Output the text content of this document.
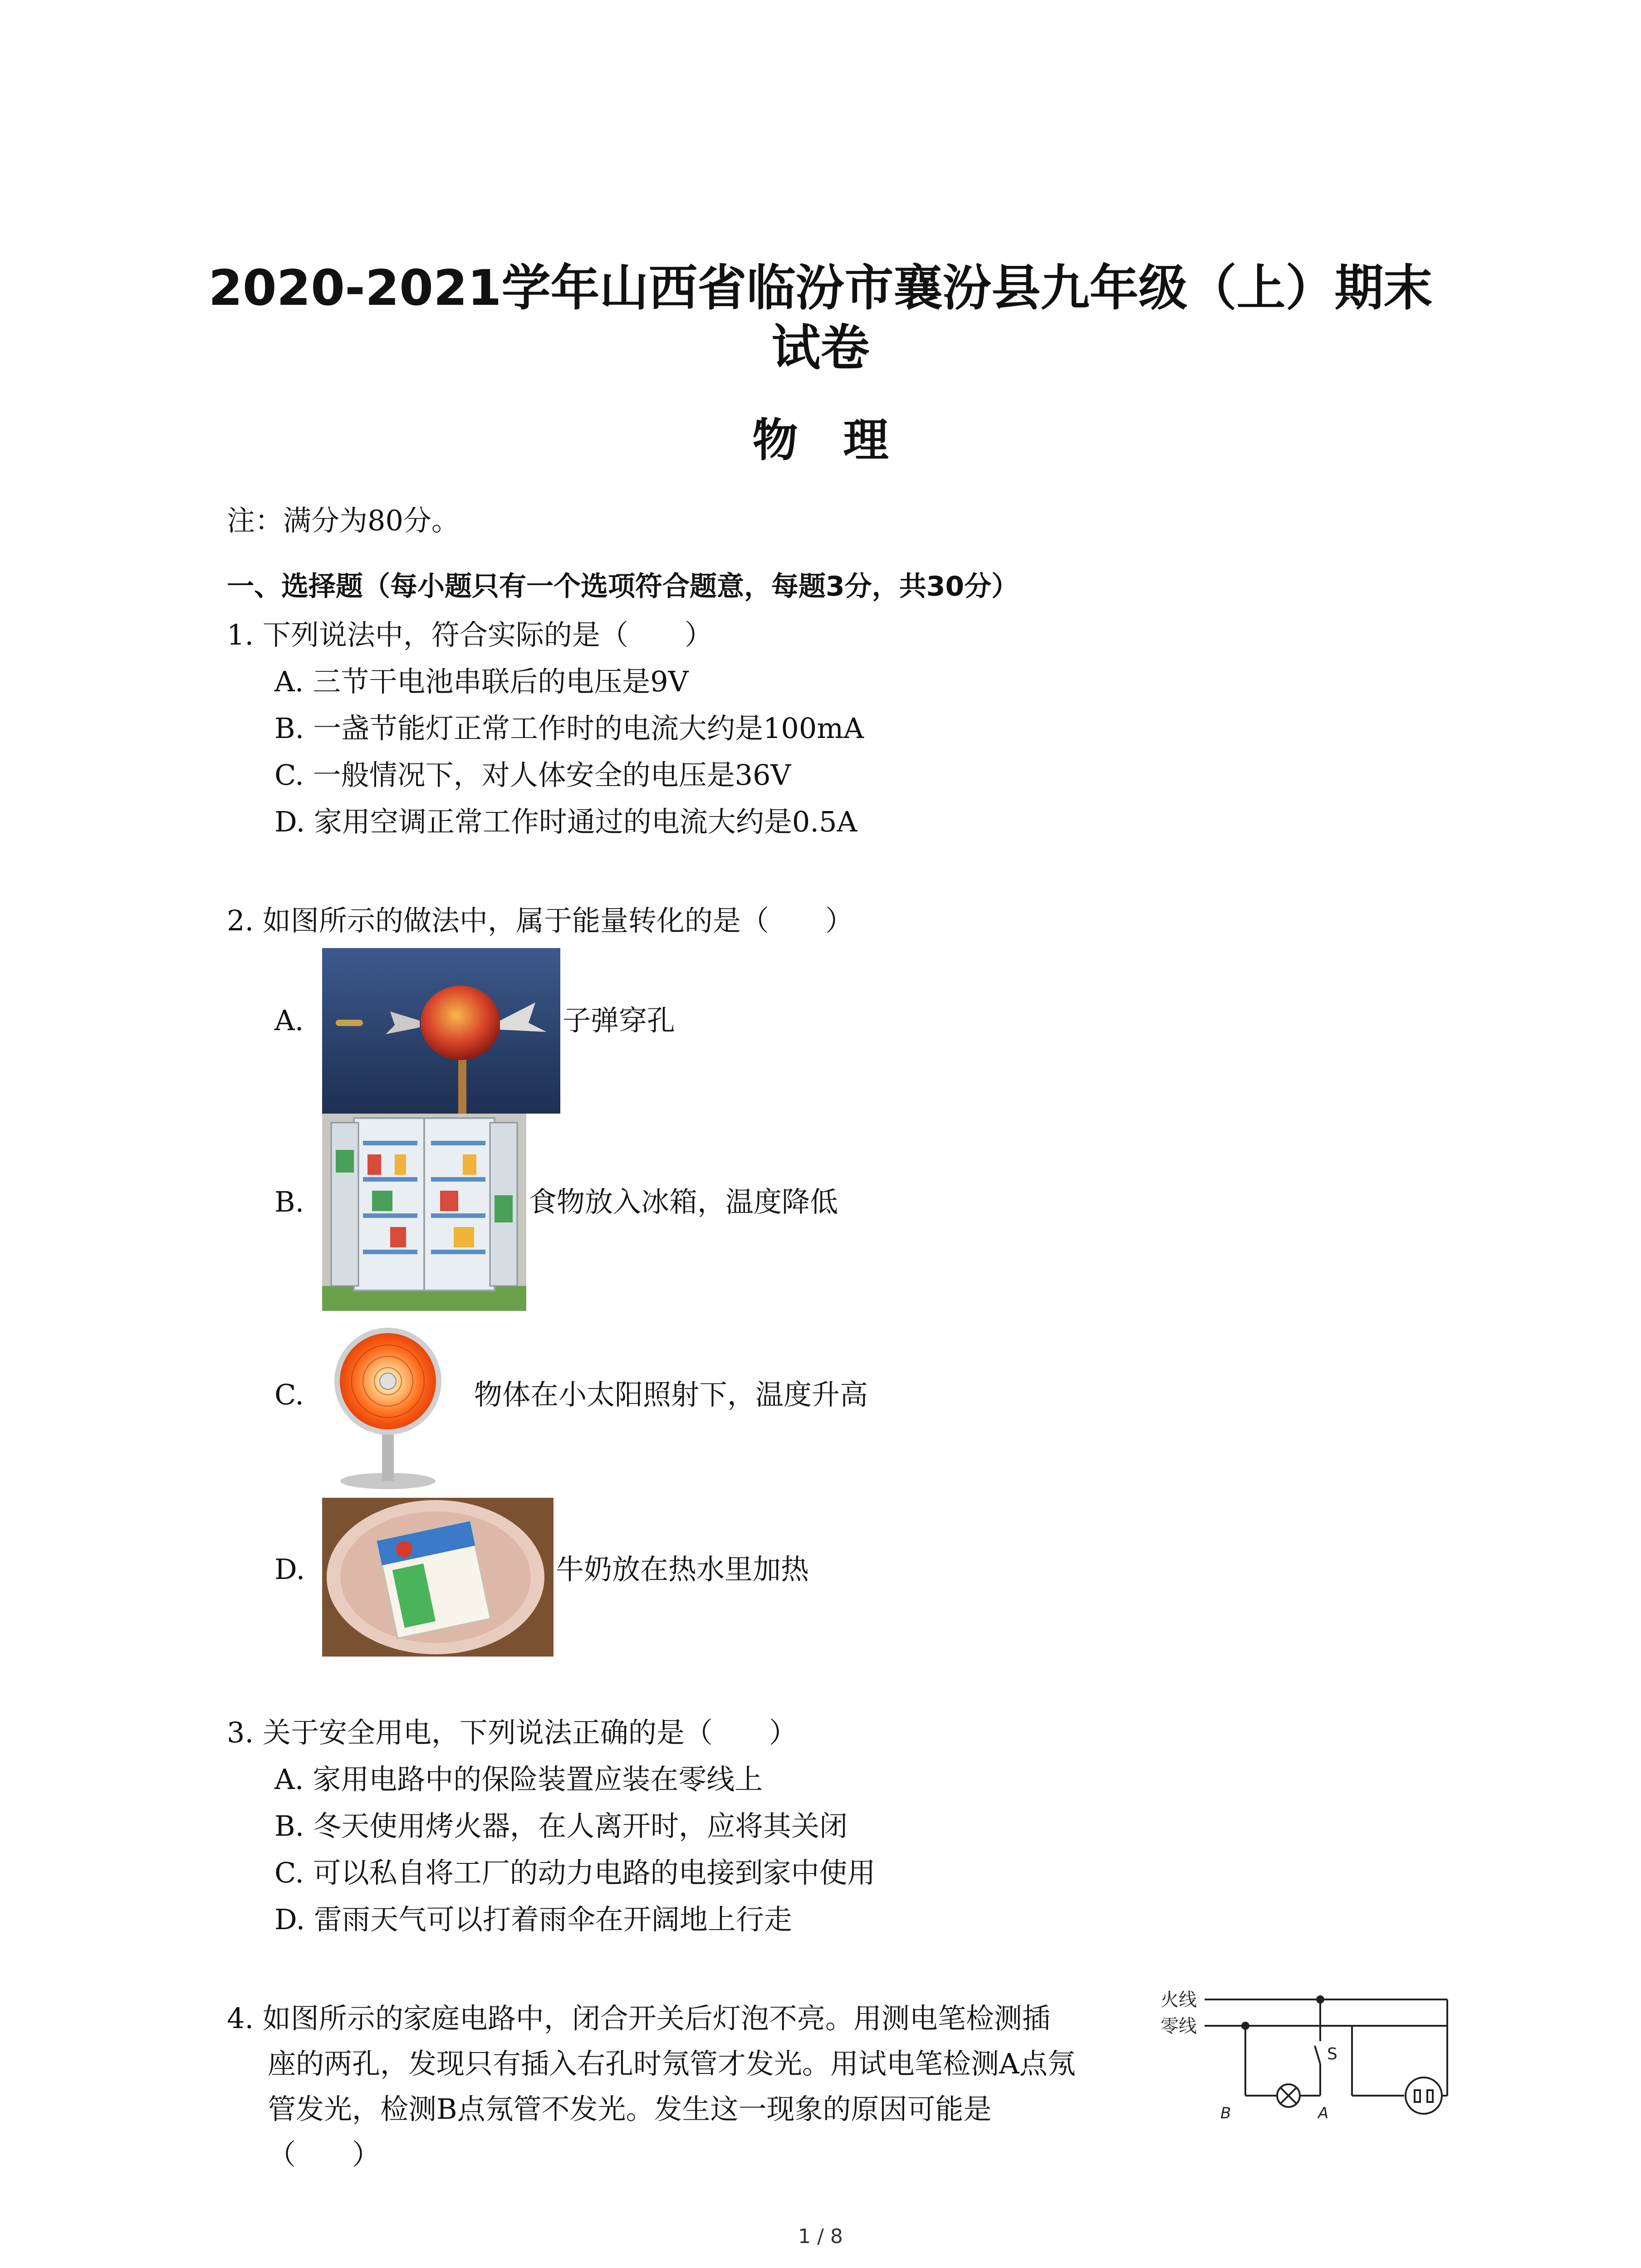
2020-2021学年山西省临汾市襄汾县九年级（上）期末
试卷
物理
注：满分为80分。
一、选择题（每小题只有一个选项符合题意，每题3分，共30分）
1. 下列说法中，符合实际的是（　　）
A. 三节干电池串联后的电压是9V
B. 一盏节能灯正常工作时的电流大约是100mA
C. 一般情况下，对人体安全的电压是36V
D. 家用空调正常工作时通过的电流大约是0.5A
2. 如图所示的做法中，属于能量转化的是（　　）
A.	子弹穿孔
B.	食物放入冰箱，温度降低
C.	物体在小太阳照射下，温度升高
D.	牛奶放在热水里加热
3. 关于安全用电，下列说法正确的是（　　）
A. 家用电路中的保险装置应装在零线上
B. 冬天使用烤火器，在人离开时，应将其关闭
C. 可以私自将工厂的动力电路的电接到家中使用
D. 雷雨天气可以打着雨伞在开阔地上行走
4. 如图所示的家庭电路中，闭合开关后灯泡不亮。用测电笔检测插
座的两孔，发现只有插入右孔时氖管才发光。用试电笔检测A点氖
管发光，检测B点氖管不发光。发生这一现象的原因可能是
（　　）
火线
零线
S
B	A
1 / 8
